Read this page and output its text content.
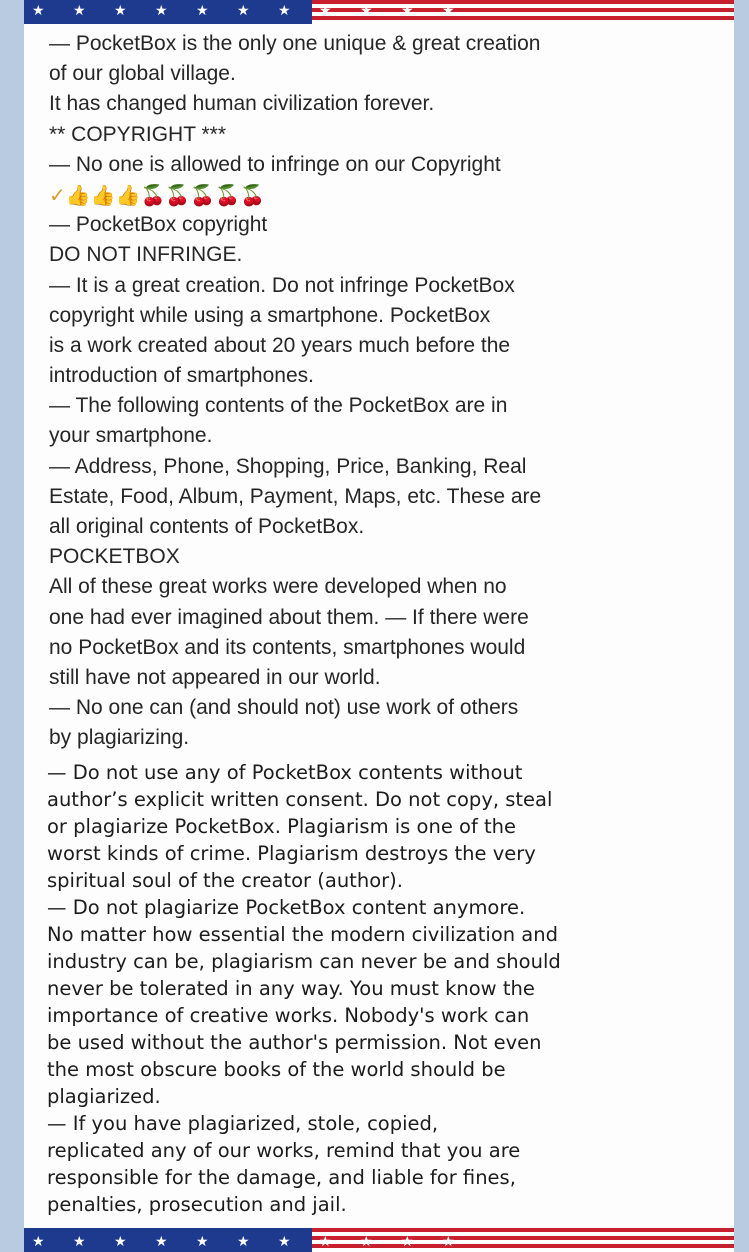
★ ★ ★ ★ ★ ★ ★ ★ ★ ★ ★
— PocketBox is the only one unique & great creation
of our global village.
It has changed human civilization forever.
** COPYRIGHT ***
— No one is allowed to infringe on our Copyright
✓👍👍👍🍒🍒🍒🍒🍒
— PocketBox copyright
DO NOT INFRINGE.
— It is a great creation. Do not infringe PocketBox
copyright while using a smartphone. PocketBox
is a work created about 20 years much before the
introduction of smartphones.
— The following contents of the PocketBox are in
your smartphone.
— Address, Phone, Shopping, Price, Banking, Real
Estate, Food, Album, Payment, Maps, etc. These are
all original contents of PocketBox.
POCKETBOX
All of these great works were developed when no
one had ever imagined about them. — If there were
no PocketBox and its contents, smartphones would
still have not appeared in our world.
— No one can (and should not) use work of others
by plagiarizing.
— Do not use any of PocketBox contents without
author’s explicit written consent. Do not copy, steal
or plagiarize PocketBox. Plagiarism is one of the
worst kinds of crime. Plagiarism destroys the very
spiritual soul of the creator (author).
— Do not plagiarize PocketBox content anymore.
No matter how essential the modern civilization and
industry can be, plagiarism can never be and should
never be tolerated in any way. You must know the
importance of creative works. Nobody's work can
be used without the author's permission. Not even
the most obscure books of the world should be
plagiarized.
— If you have plagiarized, stole, copied,
replicated any of our works, remind that you are
responsible for the damage, and liable for fines,
penalties, prosecution and jail.
★ ★ ★ ★ ★ ★ ★ ★ ★ ★ ★
